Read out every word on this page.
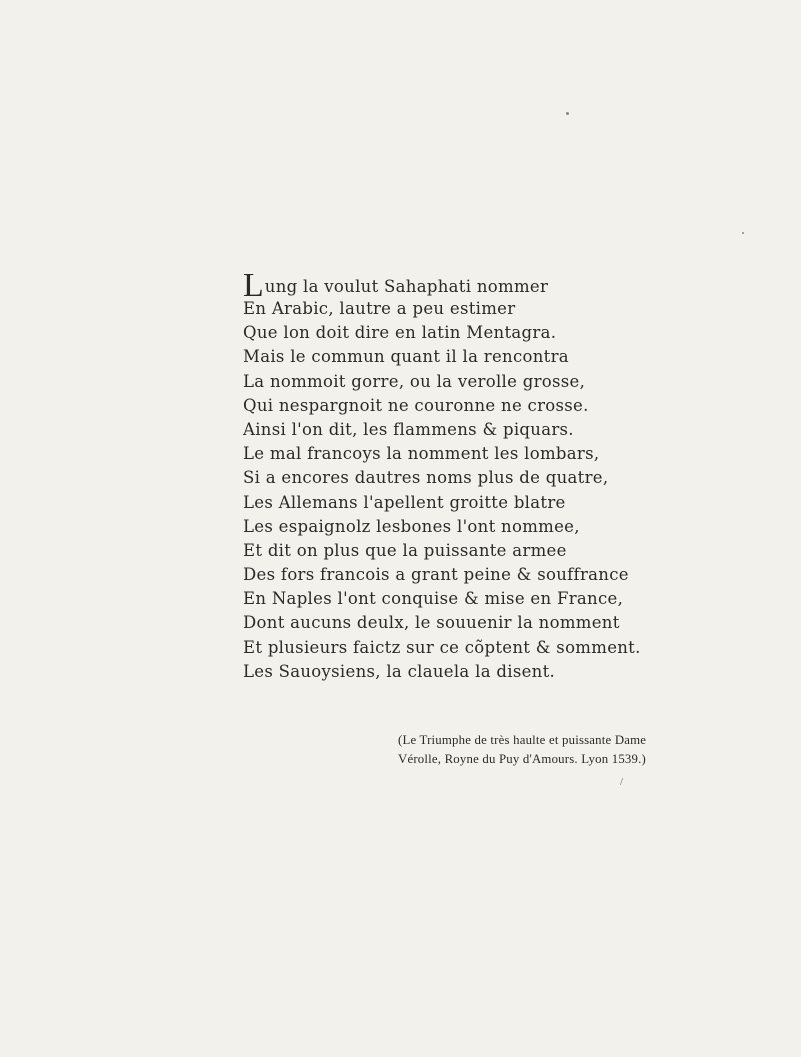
L ung la voulut Sahaphati nommer
En Arabic, lautre a peu estimer
Que lon doit dire en latin Mentagra.
Mais le commun quant il la rencontra
La nommoit gorre, ou la verolle grosse,
Qui nespargnoit ne couronne ne crosse.
Ainsi l'on dit, les flammens & piquars.
Le mal francoys la nomment les lombars,
Si a encores dautres noms plus de quatre,
Les Allemans l'apellent groitte blatre
Les espaignolz lesbones l'ont nommee,
Et dit on plus que la puissante armee
Des fors francois a grant peine & souffrance
En Naples l'ont conquise & mise en France,
Dont aucuns deulx, le souuenir la nomment
Et plusieurs faictz sur ce cõptent & somment.
Les Sauoysiens, la clauela la disent.
(Le Triumphe de très haulte et puissante Dame
Vérolle, Royne du Puy d'Amours. Lyon 1539.)
/
